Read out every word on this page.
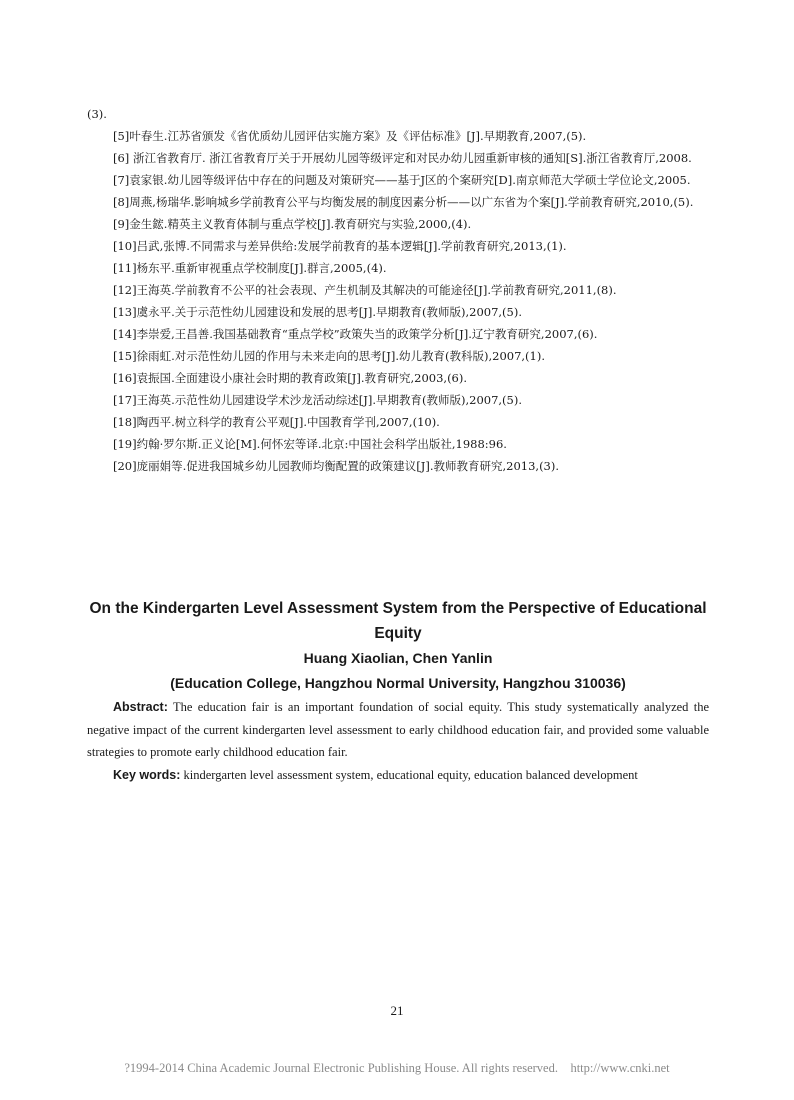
(3).

[5]叶春生.江苏省颁发《省优质幼儿园评估实施方案》及《评估标准》[J].早期教育,2007,(5).

[6] 浙江省教育厅. 浙江省教育厅关于开展幼儿园等级评定和对民办幼儿园重新审核的通知[S].浙江省教育厅,2008.

[7]袁家银.幼儿园等级评估中存在的问题及对策研究——基于J区的个案研究[D].南京师范大学硕士学位论文,2005.

[8]周燕,杨瑞华.影响城乡学前教育公平与均衡发展的制度因素分析——以广东省为个案[J].学前教育研究,2010,(5).

[9]金生鋐.精英主义教育体制与重点学校[J].教育研究与实验,2000,(4).

[10]吕武,张博.不同需求与差异供给:发展学前教育的基本逻辑[J].学前教育研究,2013,(1).

[11]杨东平.重新审视重点学校制度[J].群言,2005,(4).

[12]王海英.学前教育不公平的社会表现、产生机制及其解决的可能途径[J].学前教育研究,2011,(8).

[13]虞永平.关于示范性幼儿园建设和发展的思考[J].早期教育(教师版),2007,(5).

[14]李崇爱,王昌善.我国基础教育“重点学校”政策失当的政策学分析[J].辽宁教育研究,2007,(6).

[15]徐雨虹.对示范性幼儿园的作用与未来走向的思考[J].幼儿教育(教科版),2007,(1).

[16]袁振国.全面建设小康社会时期的教育政策[J].教育研究,2003,(6).

[17]王海英.示范性幼儿园建设学术沙龙活动综述[J].早期教育(教师版),2007,(5).

[18]陶西平.树立科学的教育公平观[J].中国教育学刊,2007,(10).

[19]约翰·罗尔斯.正义论[M].何怀宏等译.北京:中国社会科学出版社,1988:96.

[20]庞丽娟等.促进我国城乡幼儿园教师均衡配置的政策建议[J].教师教育研究,2013,(3).

On the Kindergarten Level Assessment System from the Perspective of Educational Equity

Huang Xiaolian, Chen Yanlin

(Education College, Hangzhou Normal University, Hangzhou 310036)

Abstract: The education fair is an important foundation of social equity. This study systematically analyzed the negative impact of the current kindergarten level assessment to early childhood education fair, and provided some valuable strategies to promote early childhood education fair.

Key words: kindergarten level assessment system, educational equity, education balanced development

21
?1994-2014 China Academic Journal Electronic Publishing House. All rights reserved.    http://www.cnki.net
